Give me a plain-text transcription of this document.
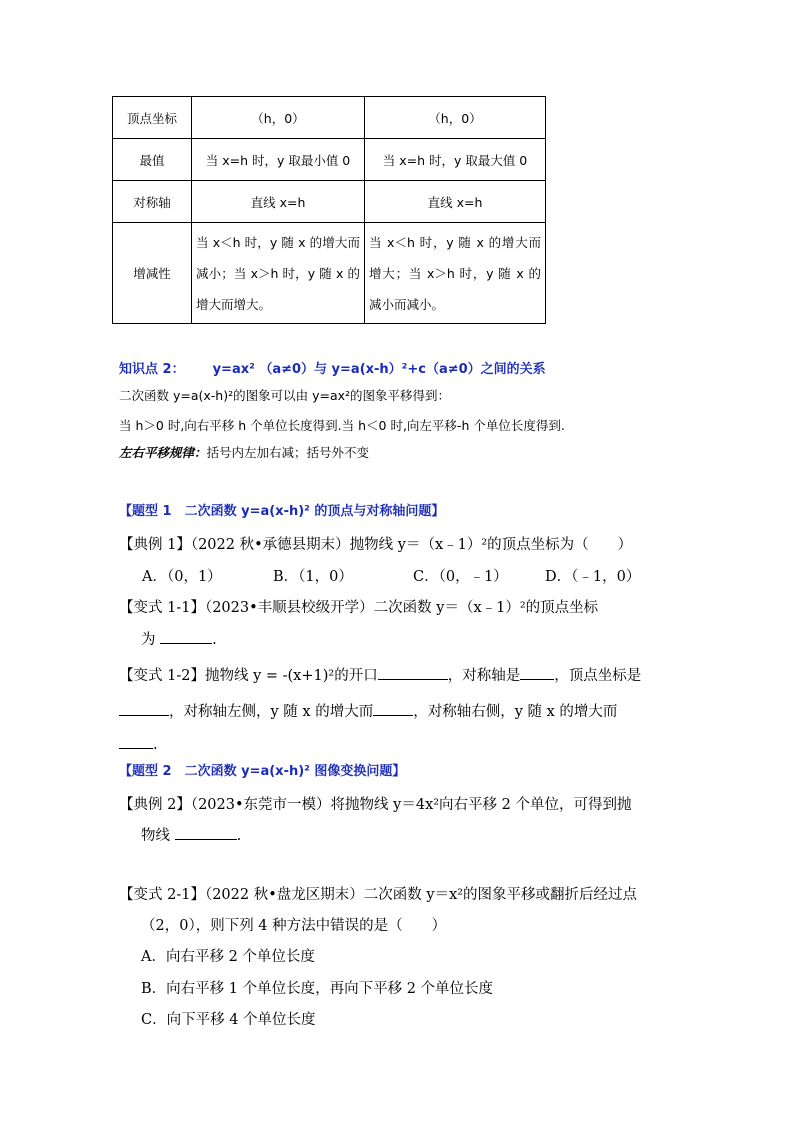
顶点坐标	（h，0）	（h，0）
最值	当 x=h 时，y 取最小值 0	当 x=h 时，y 取最大值 0
对称轴	直线 x=h	直线 x=h
增减性	当 x＜h 时，y 随 x 的增大而减小；当 x＞h 时，y 随 x 的增大而增大。	当 x＜h 时，y 随 x 的增大而增大；当 x＞h 时，y 随 x 的减小而减小。
知识点 2： y=ax² （a≠0）与 y=a(x-h）²+c（a≠0）之间的关系
二次函数 y=a(x-h)²的图象可以由 y=ax²的图象平移得到：
当 h＞0 时,向右平移 h 个单位长度得到.当 h＜0 时,向左平移-h 个单位长度得到.
左右平移规律：括号内左加右减；括号外不变
【题型 1　二次函数 y=a(x-h)² 的顶点与对称轴问题】
【典例 1】（2022 秋•承德县期末）抛物线 y＝（x﹣1）²的顶点坐标为（　　）
A．（0，1）	B．（1，0）	C．（0，﹣1）	D．（﹣1，0）
【变式 1-1】（2023•丰顺县校级开学）二次函数 y＝（x﹣1）²的顶点坐标
为	.
【变式 1-2】抛物线 y = -(x+1)²的开口	，对称轴是 ，顶点坐标是
，对称轴左侧，y 随 x 的增大而	，对称轴右侧，y 随 x 的增大而
.
【题型 2　二次函数 y=a(x-h)² 图像变换问题】
【典例 2】（2023•东莞市一模）将抛物线 y＝4x²向右平移 2 个单位，可得到抛
物线	.
【变式 2-1】（2022 秋•盘龙区期末）二次函数 y＝x²的图象平移或翻折后经过点
（2，0），则下列 4 种方法中错误的是（　　）
A．向右平移 2 个单位长度
B．向右平移 1 个单位长度，再向下平移 2 个单位长度
C．向下平移 4 个单位长度
